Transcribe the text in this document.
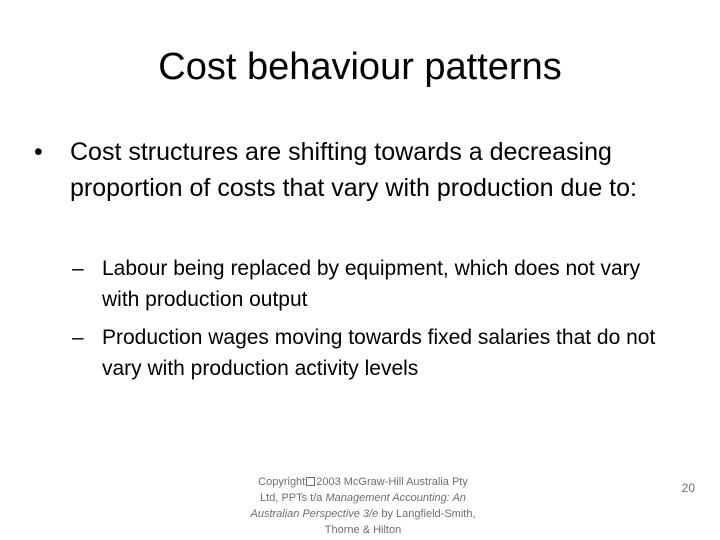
Cost behaviour patterns
•	Cost structures are shifting towards a decreasing proportion of costs that vary with production due to:
– Labour being replaced by equipment, which does not vary with production output
– Production wages moving towards fixed salaries that do not vary with production activity levels
Copyright 2003 McGraw-Hill Australia Pty Ltd, PPTs t/a Management Accounting: An Australian Perspective 3/e by Langfield-Smith, Thorne & Hilton
20
